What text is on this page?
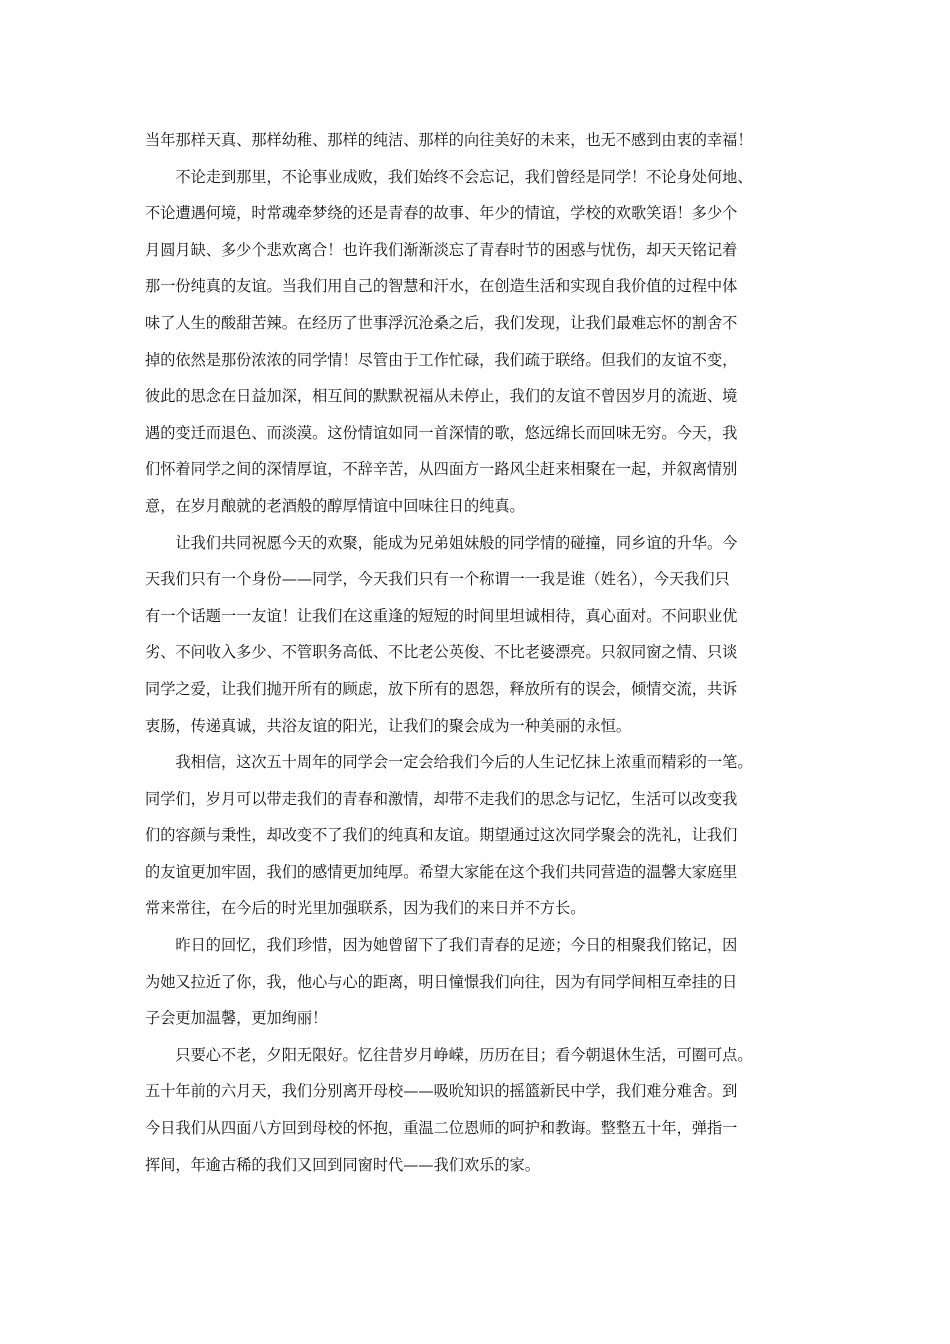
当年那样天真、那样幼稚、那样的纯洁、那样的向往美好的未来，也无不感到由衷的幸福！

　　不论走到那里，不论事业成败，我们始终不会忘记，我们曾经是同学！不论身处何地、
不论遭遇何境，时常魂牵梦绕的还是青春的故事、年少的情谊，学校的欢歌笑语！多少个
月圆月缺、多少个悲欢离合！也许我们渐渐淡忘了青春时节的困惑与忧伤，却天天铭记着
那一份纯真的友谊。当我们用自己的智慧和汗水，在创造生活和实现自我价值的过程中体
味了人生的酸甜苦辣。在经历了世事浮沉沧桑之后，我们发现，让我们最难忘怀的割舍不
掉的依然是那份浓浓的同学情！尽管由于工作忙碌，我们疏于联络。但我们的友谊不变，
彼此的思念在日益加深，相互间的默默祝福从未停止，我们的友谊不曾因岁月的流逝、境
遇的变迁而退色、而淡漠。这份情谊如同一首深情的歌，悠远绵长而回味无穷。今天，我
们怀着同学之间的深情厚谊，不辞辛苦，从四面方一路风尘赶来相聚在一起，并叙离情别
意，在岁月酿就的老酒般的醇厚情谊中回味往日的纯真。

　　让我们共同祝愿今天的欢聚，能成为兄弟姐妹般的同学情的碰撞，同乡谊的升华。今
天我们只有一个身份——同学，今天我们只有一个称谓一一我是谁（姓名），今天我们只
有一个话题一一友谊！让我们在这重逢的短短的时间里坦诚相待，真心面对。不问职业优
劣、不问收入多少、不管职务高低、不比老公英俊、不比老婆漂亮。只叙同窗之情、只谈
同学之爱，让我们抛开所有的顾虑，放下所有的恩怨，释放所有的误会，倾情交流，共诉
衷肠，传递真诚，共浴友谊的阳光，让我们的聚会成为一种美丽的永恒。

　　我相信，这次五十周年的同学会一定会给我们今后的人生记忆抹上浓重而精彩的一笔。
同学们，岁月可以带走我们的青春和激情，却带不走我们的思念与记忆，生活可以改变我
们的容颜与秉性，却改变不了我们的纯真和友谊。期望通过这次同学聚会的洗礼，让我们
的友谊更加牢固，我们的感情更加纯厚。希望大家能在这个我们共同营造的温馨大家庭里
常来常往，在今后的时光里加强联系，因为我们的来日并不方长。

　　昨日的回忆，我们珍惜，因为她曾留下了我们青春的足迹；今日的相聚我们铭记，因
为她又拉近了你，我，他心与心的距离，明日憧憬我们向往，因为有同学间相互牵挂的日
子会更加温馨，更加绚丽！

　　只要心不老，夕阳无限好。忆往昔岁月峥嵘，历历在目；看今朝退休生活，可圈可点。
五十年前的六月天，我们分别离开母校——吸吮知识的摇篮新民中学，我们难分难舍。到
今日我们从四面八方回到母校的怀抱，重温二位恩师的呵护和教诲。整整五十年，弹指一
挥间，年逾古稀的我们又回到同窗时代——我们欢乐的家。
